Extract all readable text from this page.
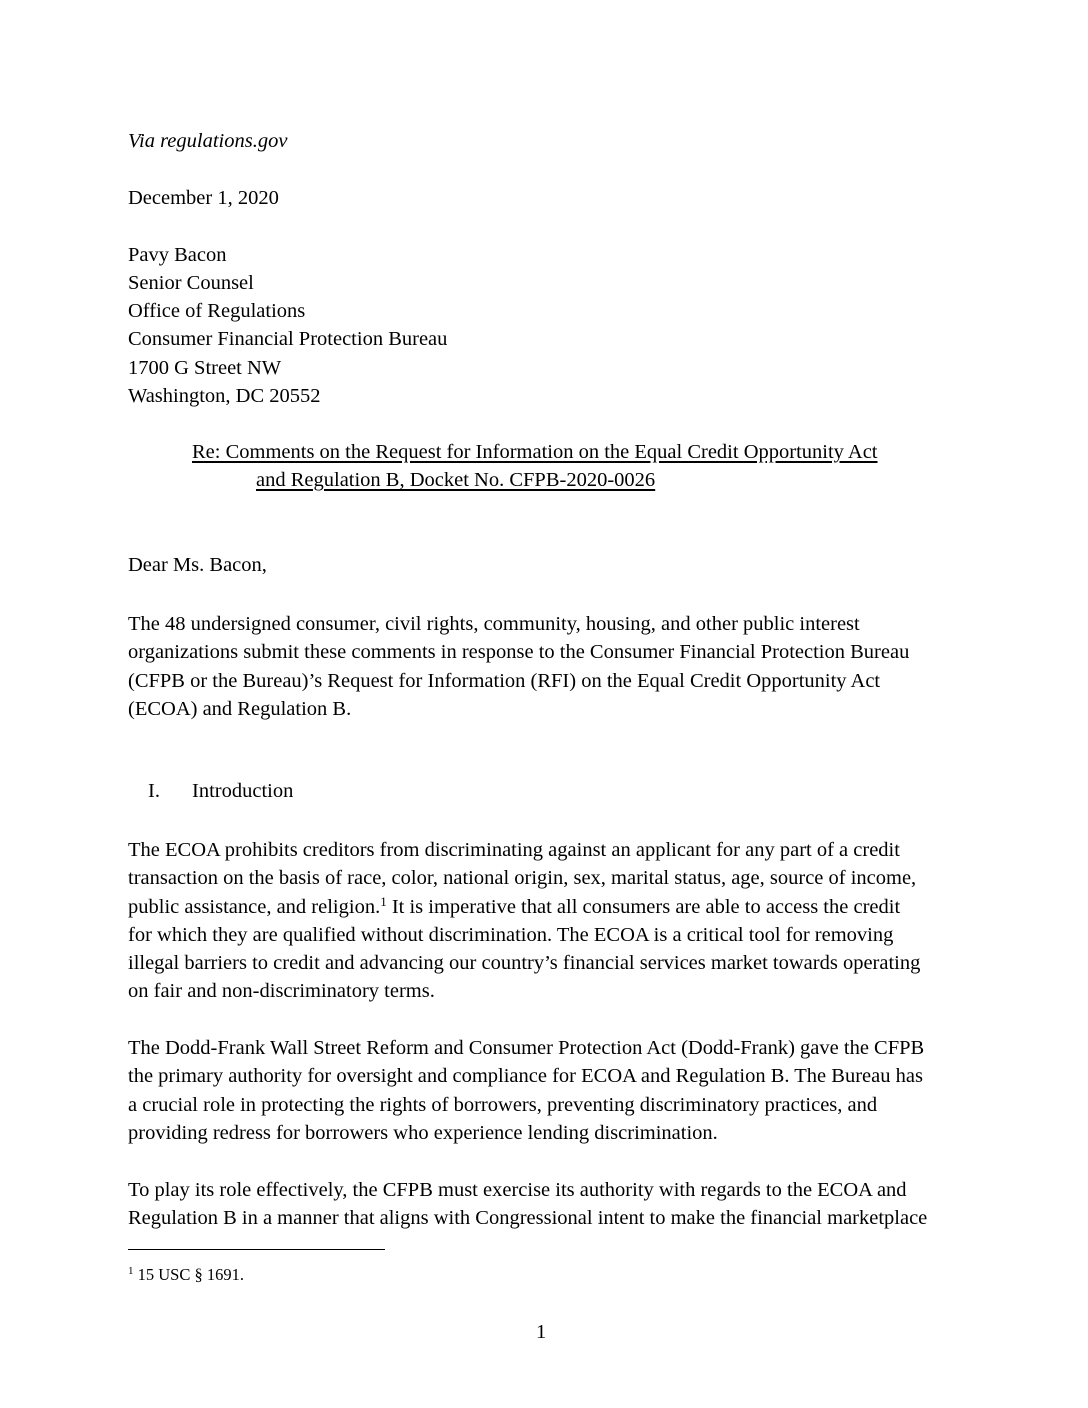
Via regulations.gov
December 1, 2020
Pavy Bacon
Senior Counsel
Office of Regulations
Consumer Financial Protection Bureau
1700 G Street NW
Washington, DC 20552
Re: Comments on the Request for Information on the Equal Credit Opportunity Act
and Regulation B, Docket No. CFPB-2020-0026
Dear Ms. Bacon,
The 48 undersigned consumer, civil rights, community, housing, and other public interest
organizations submit these comments in response to the Consumer Financial Protection Bureau
(CFPB or the Bureau)’s Request for Information (RFI) on the Equal Credit Opportunity Act
(ECOA) and Regulation B.
I. Introduction
The ECOA prohibits creditors from discriminating against an applicant for any part of a credit
transaction on the basis of race, color, national origin, sex, marital status, age, source of income,
public assistance, and religion.$^1$ It is imperative that all consumers are able to access the credit
for which they are qualified without discrimination. The ECOA is a critical tool for removing
illegal barriers to credit and advancing our country’s financial services market towards operating
on fair and non-discriminatory terms.
The Dodd-Frank Wall Street Reform and Consumer Protection Act (Dodd-Frank) gave the CFPB
the primary authority for oversight and compliance for ECOA and Regulation B. The Bureau has
a crucial role in protecting the rights of borrowers, preventing discriminatory practices, and
providing redress for borrowers who experience lending discrimination.
To play its role effectively, the CFPB must exercise its authority with regards to the ECOA and
Regulation B in a manner that aligns with Congressional intent to make the financial marketplace
$^1$ 15 USC § 1691.
1
